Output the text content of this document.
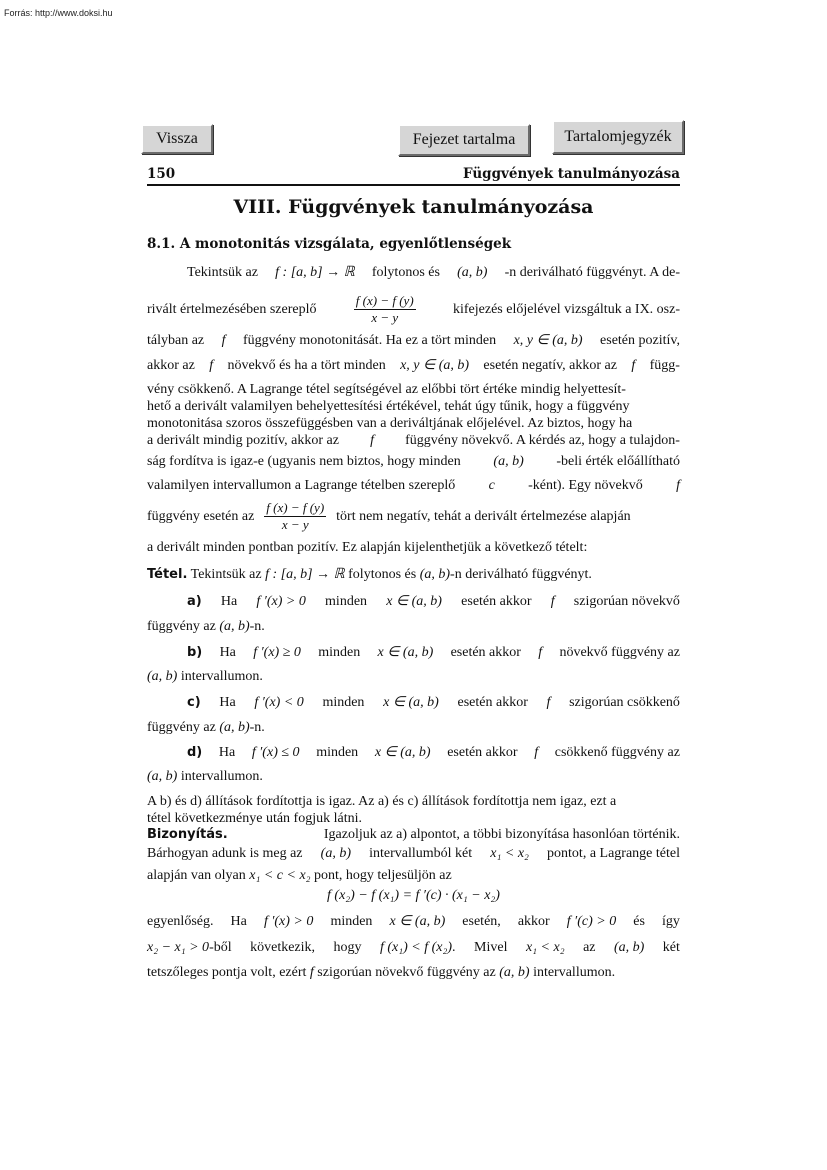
Forrás: http://www.doksi.hu
Vissza	Fejezet tartalma	Tartalomjegyzék
150	Függvények tanulmányozása
VIII. Függvények tanulmányozása
8.1. A monotonitás vizsgálata, egyenlőtlenségek
Tekintsük az f : [a, b] → ℝ folytonos és (a, b) -n deriválható függvényt. A de-
rivált értelmezésében szereplő	$\frac{f (x) - f (y)}{x - y}$	kifejezés előjelével vizsgáltuk a IX. osz-
tályban az f függvény monotonitását. Ha ez a tört minden x, y ∈ (a, b) esetén pozitív,
akkor az f növekvő és ha a tört minden x, y ∈ (a, b) esetén negatív, akkor az f függ-
vény csökkenő. A Lagrange tétel segítségével az előbbi tört értéke mindig helyettesít-
hető a derivált valamilyen behelyettesítési értékével, tehát úgy tűnik, hogy a függvény
monotonitása szoros összefüggésben van a deriváltjának előjelével. Az biztos, hogy ha
a derivált mindig pozitív, akkor az f függvény növekvő. A kérdés az, hogy a tulajdon-
ság fordítva is igaz-e (ugyanis nem biztos, hogy minden (a, b) -beli érték előállítható
valamilyen intervallumon a Lagrange tételben szereplő c -ként). Egy növekvő f
függvény esetén az $\frac{f (x) - f (y)}{x - y}$ tört nem negatív, tehát a derivált értelmezése alapján
a derivált minden pontban pozitív. Ez alapján kijelenthetjük a következő tételt:
Tétel. Tekintsük az f : [a, b] → ℝ folytonos és (a, b)-n deriválható függvényt.
a) Ha f ′(x) > 0 minden x ∈ (a, b) esetén akkor f szigorúan növekvő
függvény az (a, b)-n.
b) Ha f ′(x) ≥ 0 minden x ∈ (a, b) esetén akkor f növekvő függvény az
(a, b) intervallumon.
c) Ha f ′(x) < 0 minden x ∈ (a, b) esetén akkor f szigorúan csökkenő
függvény az (a, b)-n.
d) Ha f ′(x) ≤ 0 minden x ∈ (a, b) esetén akkor f csökkenő függvény az
(a, b) intervallumon.
A b) és d) állítások fordítottja is igaz. Az a) és c) állítások fordítottja nem igaz, ezt a
tétel következménye után fogjuk látni.
Bizonyítás.	Igazoljuk az a) alpontot, a többi bizonyítása hasonlóan történik.
Bárhogyan adunk is meg az (a, b) intervallumból két x₁ < x₂ pontot, a Lagrange tétel
alapján van olyan x₁ < c < x₂ pont, hogy teljesüljön az
f (x₂) − f (x₁) = f ′(c) · (x₁ − x₂)
egyenlőség. Ha f ′(x) > 0 minden x ∈ (a, b) esetén, akkor f ′(c) > 0 és így
x₂ − x₁ > 0-ből következik, hogy f (x₁) < f (x₂). Mivel x₁ < x₂ az (a, b) két
tetszőleges pontja volt, ezért f szigorúan növekvő függvény az (a, b) intervallumon.
